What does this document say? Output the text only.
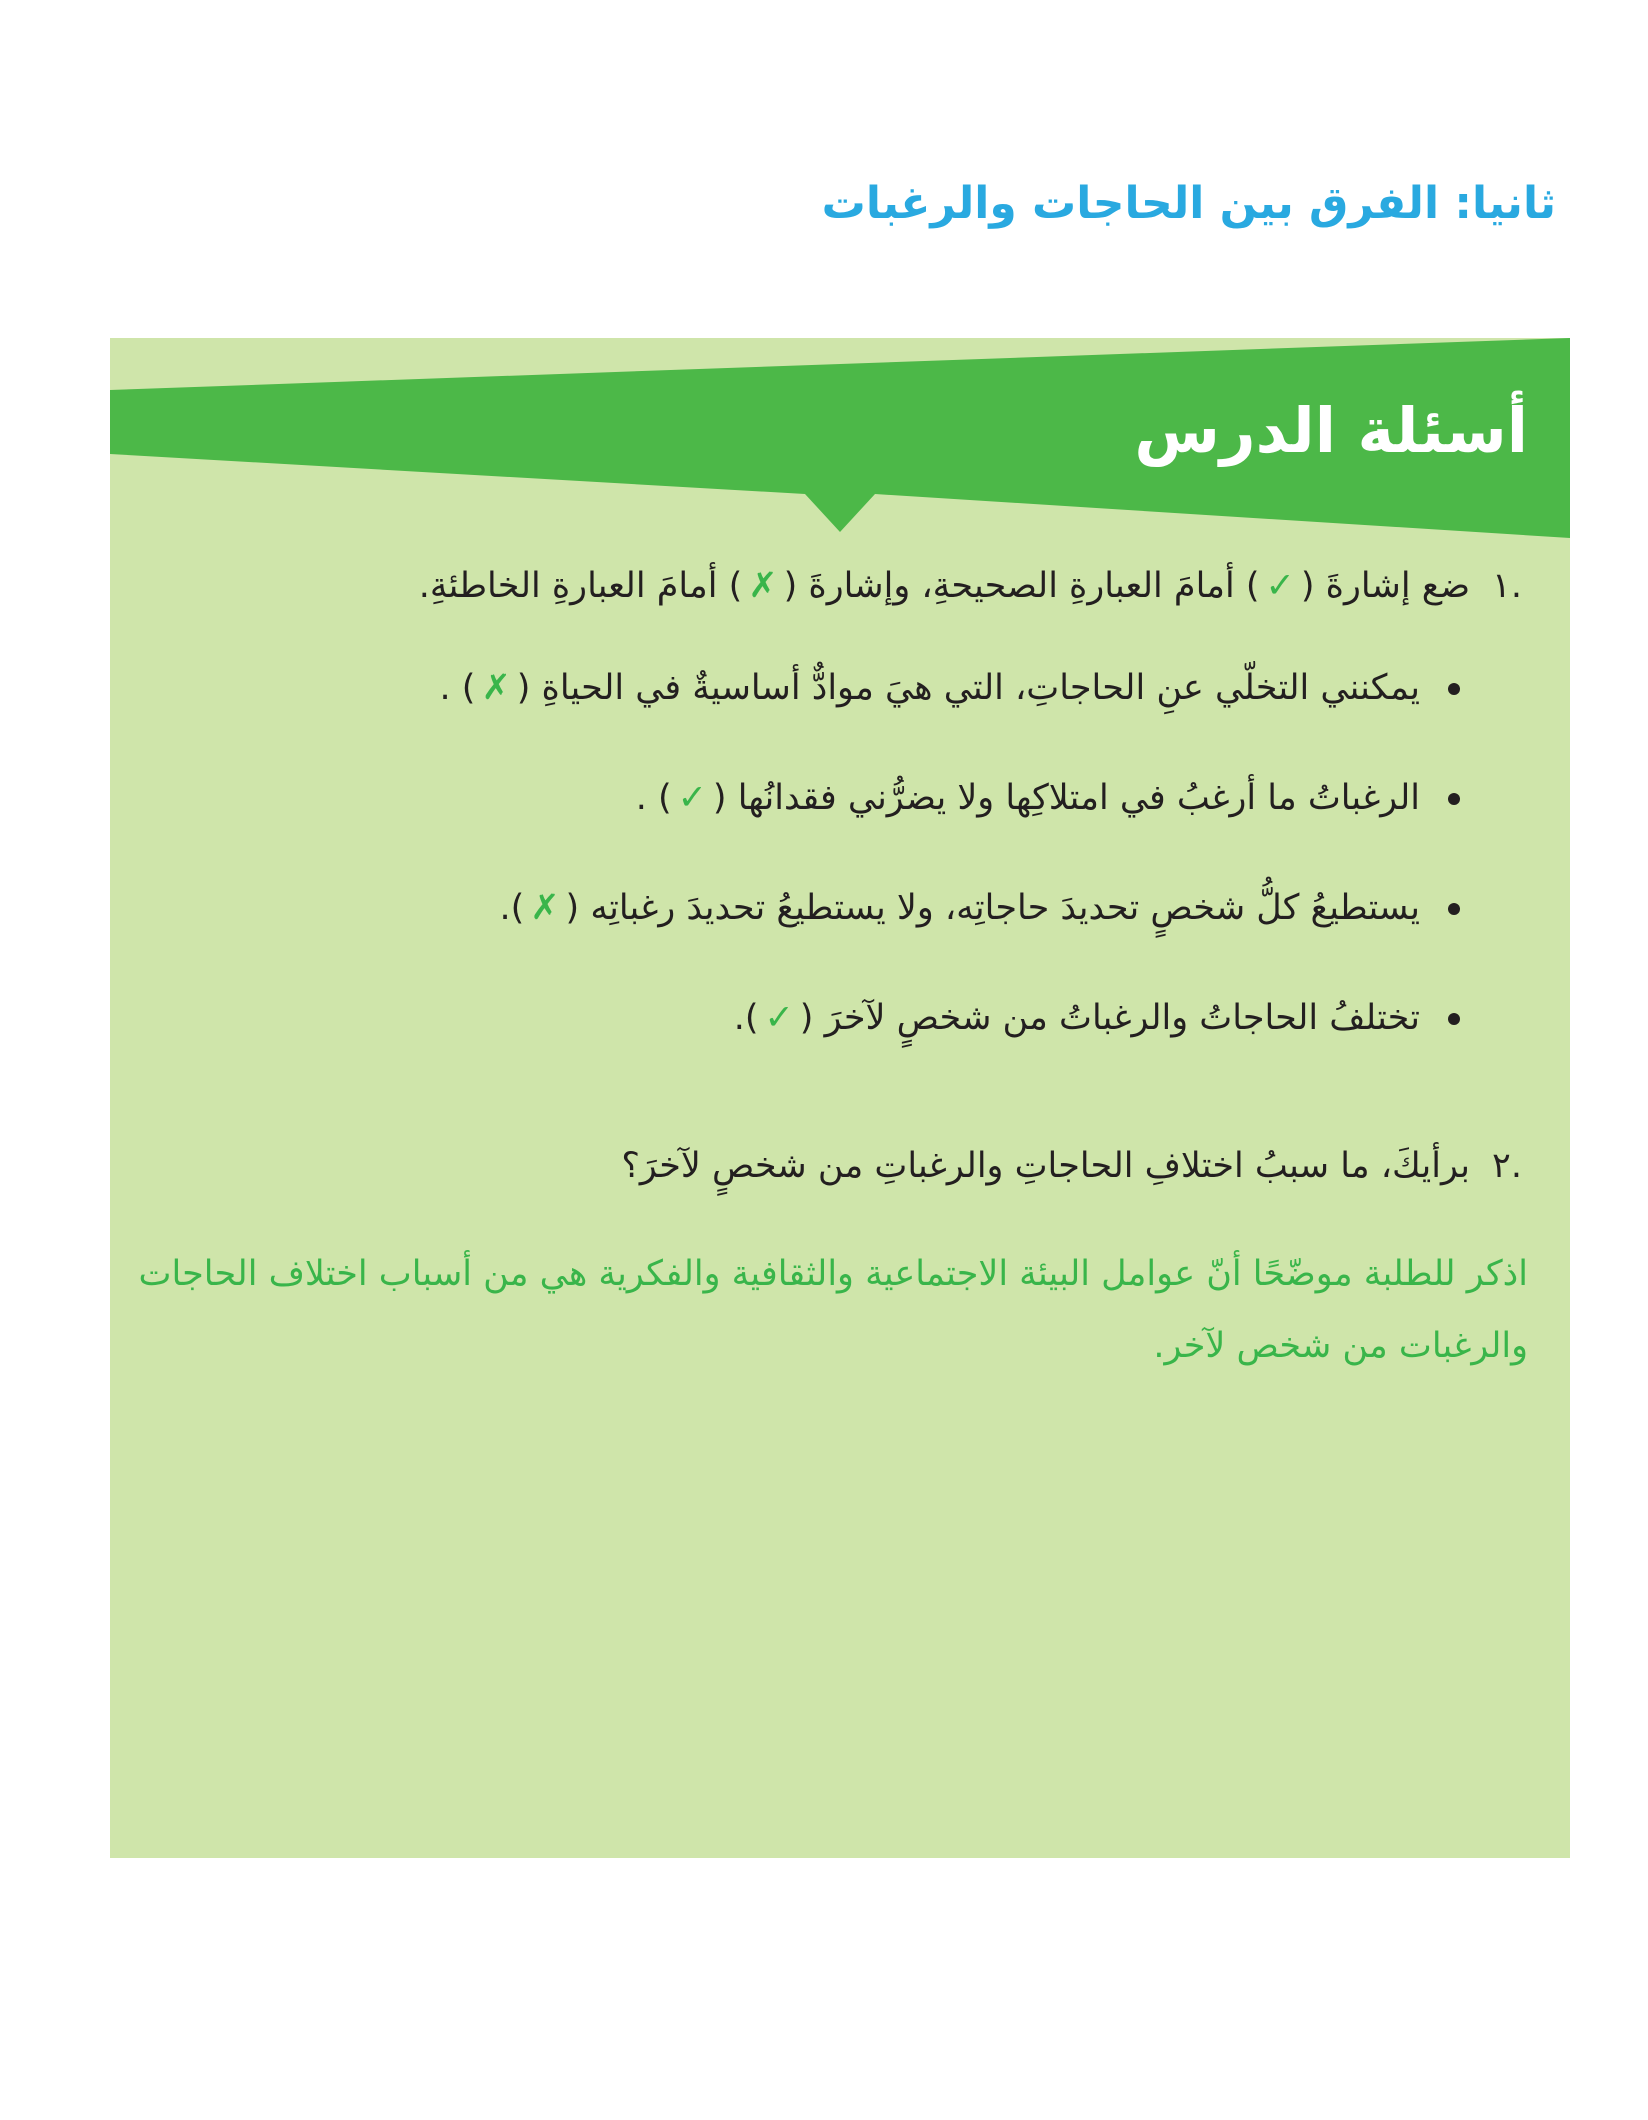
ثانيا: الفرق بين الحاجات والرغبات
أسئلة الدرس

.١ضع إشارةَ (✓) أمامَ العبارةِ الصحيحةِ، وإشارةَ (✗) أمامَ العبارةِ الخاطئةِ.

يمكنني التخلّي عنِ الحاجاتِ، التي هيَ موادٌّ أساسيةٌ في الحياةِ (✗) .
الرغباتُ ما أرغبُ في امتلاكِها ولا يضرُّني فقدانُها (✓) .
يستطيعُ كلُّ شخصٍ تحديدَ حاجاتِه، ولا يستطيعُ تحديدَ رغباتِه (✗).
تختلفُ الحاجاتُ والرغباتُ من شخصٍ لآخرَ (✓).

.٢برأيكَ، ما سببُ اختلافِ الحاجاتِ والرغباتِ من شخصٍ لآخرَ؟

اذكر للطلبة موضّحًا أنّ عوامل البيئة الاجتماعية والثقافية والفكرية هي من أسباب اختلاف الحاجات والرغبات من شخص لآخر.
